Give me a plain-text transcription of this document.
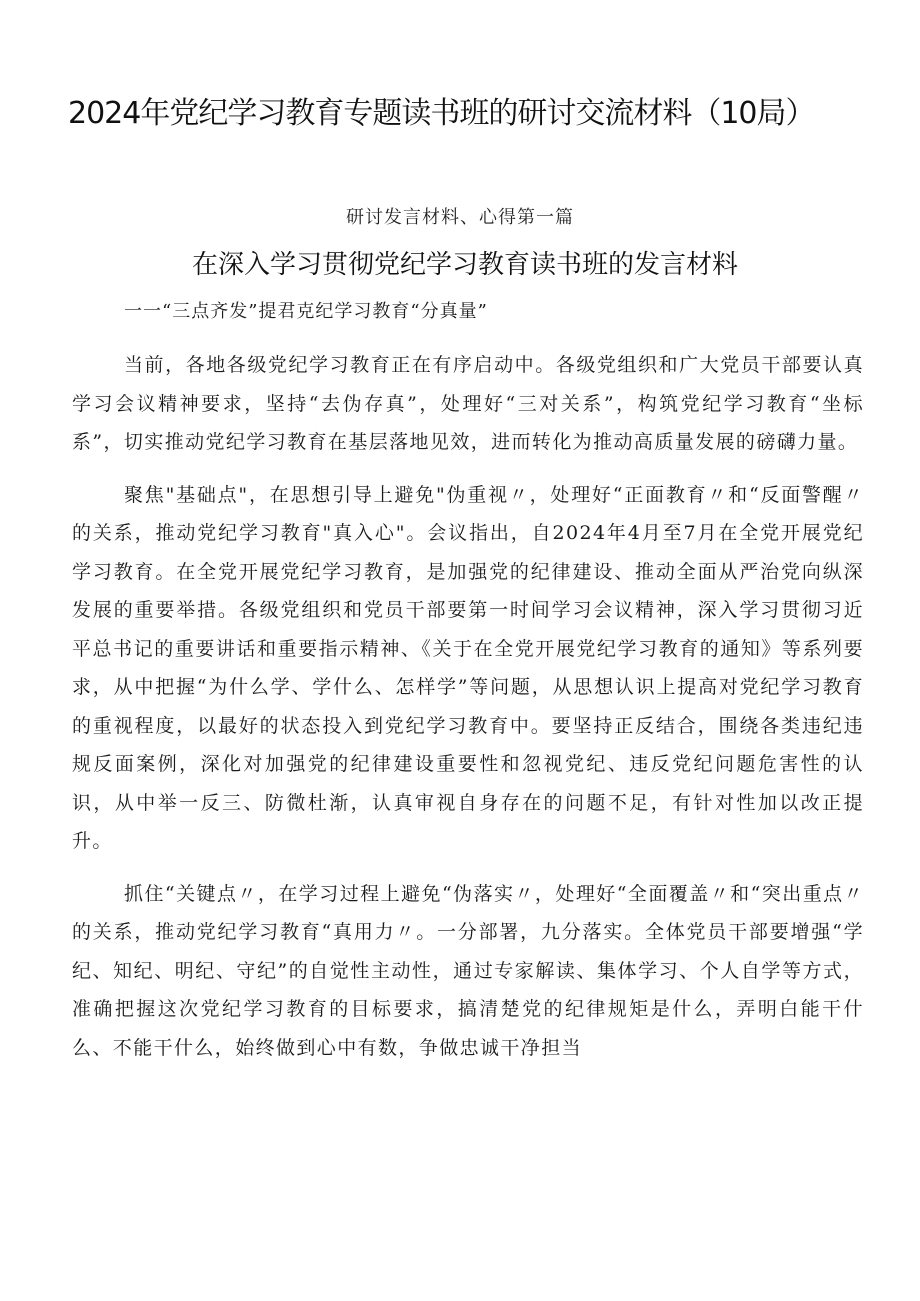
2024年党纪学习教育专题读书班的研讨交流材料（10局）
研讨发言材料、心得第一篇
在深入学习贯彻党纪学习教育读书班的发言材料
一一“三点齐发”提君克纪学习教育“分真量”

当前，各地各级党纪学习教育正在有序启动中。各级党组织和广大党员干部要认真学习会议精神要求，坚持“去伪存真”，处理好“三对关系”，构筑党纪学习教育“坐标系”，切实推动党纪学习教育在基层落地见效，进而转化为推动高质量发展的磅礴力量。

聚焦"基础点"，在思想引导上避免"伪重视〃，处理好“正面教育〃和“反面警醒〃的关系，推动党纪学习教育"真入心"。会议指出，自2024年4月至7月在全党开展党纪学习教育。在全党开展党纪学习教育，是加强党的纪律建设、推动全面从严治党向纵深发展的重要举措。各级党组织和党员干部要第一时间学习会议精神，深入学习贯彻习近平总书记的重要讲话和重要指示精神、《关于在全党开展党纪学习教育的通知》等系列要求，从中把握“为什么学、学什么、怎样学”等问题，从思想认识上提高对党纪学习教育的重视程度，以最好的状态投入到党纪学习教育中。要坚持正反结合，围绕各类违纪违规反面案例，深化对加强党的纪律建设重要性和忽视党纪、违反党纪问题危害性的认识，从中举一反三、防微杜渐，认真审视自身存在的问题不足，有针对性加以改正提升。

抓住“关键点〃，在学习过程上避免“伪落实〃，处理好“全面覆盖〃和“突出重点〃的关系，推动党纪学习教育“真用力〃。一分部署，九分落实。全体党员干部要增强“学纪、知纪、明纪、守纪”的自觉性主动性，通过专家解读、集体学习、个人自学等方式，准确把握这次党纪学习教育的目标要求，搞清楚党的纪律规矩是什么，弄明白能干什么、不能干什么，始终做到心中有数，争做忠诚干净担当
